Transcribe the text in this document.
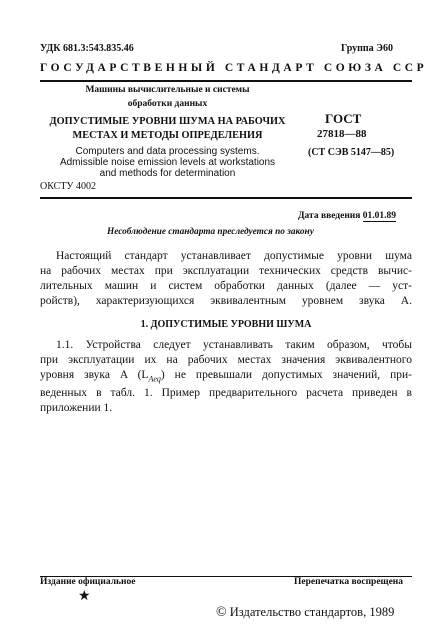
УДК 681.3:543.835.46	Группа Э60
ГОСУДАРСТВЕННЫЙ СТАНДАРТ СОЮЗА ССР
Машины вычислительные и системы
обработки данных
ДОПУСТИМЫЕ УРОВНИ ШУМА НА РАБОЧИХ
МЕСТАХ И МЕТОДЫ ОПРЕДЕЛЕНИЯ
Computers and data processing systems.
Admissible noise emission levels at workstations
and methods for determination
ОКСТУ 4002
ГОСТ
27818—88
(СТ СЭВ 5147—85)
Дата введения 01.01.89
Несоблюдение стандарта преследуется по закону
Настоящий стандарт устанавливает допустимые уровни шума
на рабочих местах при эксплуатации технических средств вычис-
лительных машин и систем обработки данных (далее — уст-
ройств), характеризующихся эквивалентным уровнем звука A.
1. ДОПУСТИМЫЕ УРОВНИ ШУМА
1.1. Устройства следует устанавливать таким образом, чтобы
при эксплуатации их на рабочих местах значения эквивалентного
уровня звука A $(L_{Aeq})$ не превышали допустимых значений, при-
веденных в табл. 1. Пример предварительного расчета приведен в
приложении 1.
Издание официальное	Перепечатка воспрещена
★
© Издательство стандартов, 1989
